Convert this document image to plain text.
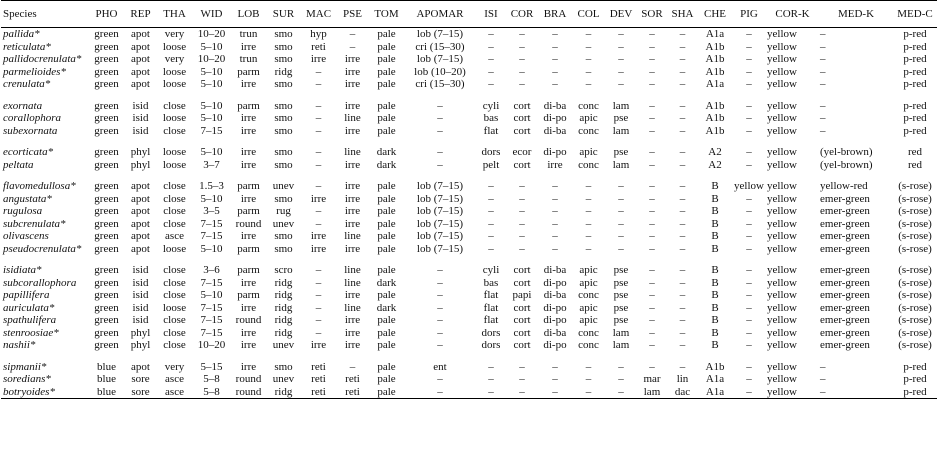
Species	PHO	REP	THA	WID	LOB	SUR	MAC	PSE	TOM	APOMAR	ISI	COR	BRA	COL	DEV	SOR	SHA	CHE	PIG	COR-K	MED-K	MED-C
pallida*	green	apot	very	10–20	trun	smo	hyp	–	pale	lob (7–15)	–	–	–	–	–	–	–	A1a	–	yellow	–	p-red
reticulata*	green	apot	loose	5–10	irre	smo	reti	–	pale	cri (15–30)	–	–	–	–	–	–	–	A1b	–	yellow	–	p-red
pallidocrenulata*	green	apot	very	10–20	trun	smo	irre	irre	pale	lob (7–15)	–	–	–	–	–	–	–	A1b	–	yellow	–	p-red
parmelioides*	green	apot	loose	5–10	parm	ridg	–	irre	pale	lob (10–20)	–	–	–	–	–	–	–	A1b	–	yellow	–	p-red
crenulata*	green	apot	loose	5–10	irre	smo	–	irre	pale	cri (15–30)	–	–	–	–	–	–	–	A1a	–	yellow	–	p-red

exornata	green	isid	close	5–10	parm	smo	–	irre	pale	–	cyli	cort	di-ba	conc	lam	–	–	A1b	–	yellow	–	p-red
corallophora	green	isid	loose	5–10	irre	smo	–	line	pale	–	bas	cort	di-po	apic	pse	–	–	A1b	–	yellow	–	p-red
subexornata	green	isid	close	7–15	irre	smo	–	irre	pale	–	flat	cort	di-ba	conc	lam	–	–	A1b	–	yellow	–	p-red

ecorticata*	green	phyl	loose	5–10	irre	smo	–	line	dark	–	dors	ecor	di-po	apic	pse	–	–	A2	–	yellow	(yel-brown)	red
peltata	green	phyl	loose	3–7	irre	smo	–	irre	dark	–	pelt	cort	irre	conc	lam	–	–	A2	–	yellow	(yel-brown)	red

flavomedullosa*	green	apot	close	1.5–3	parm	unev	–	irre	pale	lob (7–15)	–	–	–	–	–	–	–	B	yellow	yellow	yellow-red	(s-rose)
angustata*	green	apot	close	5–10	irre	smo	irre	irre	pale	lob (7–15)	–	–	–	–	–	–	–	B	–	yellow	emer-green	(s-rose)
rugulosa	green	apot	close	3–5	parm	rug	–	irre	pale	lob (7–15)	–	–	–	–	–	–	–	B	–	yellow	emer-green	(s-rose)
subcrenulata*	green	apot	close	7–15	round	unev	–	irre	pale	lob (7–15)	–	–	–	–	–	–	–	B	–	yellow	emer-green	(s-rose)
olivascens	green	apot	asce	7–15	irre	smo	irre	line	pale	lob (7–15)	–	–	–	–	–	–	–	B	–	yellow	emer-green	(s-rose)
pseudocrenulata*	green	apot	loose	5–10	parm	smo	irre	irre	pale	lob (7–15)	–	–	–	–	–	–	–	B	–	yellow	emer-green	(s-rose)

isidiata*	green	isid	close	3–6	parm	scro	–	line	pale	–	cyli	cort	di-ba	apic	pse	–	–	B	–	yellow	emer-green	(s-rose)
subcorallophora	green	isid	close	7–15	irre	ridg	–	line	dark	–	bas	cort	di-po	apic	pse	–	–	B	–	yellow	emer-green	(s-rose)
papillifera	green	isid	close	5–10	parm	ridg	–	irre	pale	–	flat	papi	di-ba	conc	pse	–	–	B	–	yellow	emer-green	(s-rose)
auriculata*	green	isid	loose	7–15	irre	ridg	–	line	dark	–	flat	cort	di-po	apic	pse	–	–	B	–	yellow	emer-green	(s-rose)
spathulifera	green	isid	close	7–15	round	ridg	–	irre	pale	–	flat	cort	di-po	apic	pse	–	–	B	–	yellow	emer-green	(s-rose)
stenroosiae*	green	phyl	close	7–15	irre	ridg	–	irre	pale	–	dors	cort	di-ba	conc	lam	–	–	B	–	yellow	emer-green	(s-rose)
nashii*	green	phyl	close	10–20	irre	unev	irre	irre	pale	–	dors	cort	di-po	conc	lam	–	–	B	–	yellow	emer-green	(s-rose)

sipmanii*	blue	apot	very	5–15	irre	smo	reti	–	pale	ent	–	–	–	–	–	–	–	A1b	–	yellow	–	p-red
soredians*	blue	sore	asce	5–8	round	unev	reti	reti	pale	–	–	–	–	–	–	mar	lin	A1a	–	yellow	–	p-red
botryoides*	blue	sore	asce	5–8	round	ridg	reti	reti	pale	–	–	–	–	–	–	lam	dac	A1a	–	yellow	–	p-red
